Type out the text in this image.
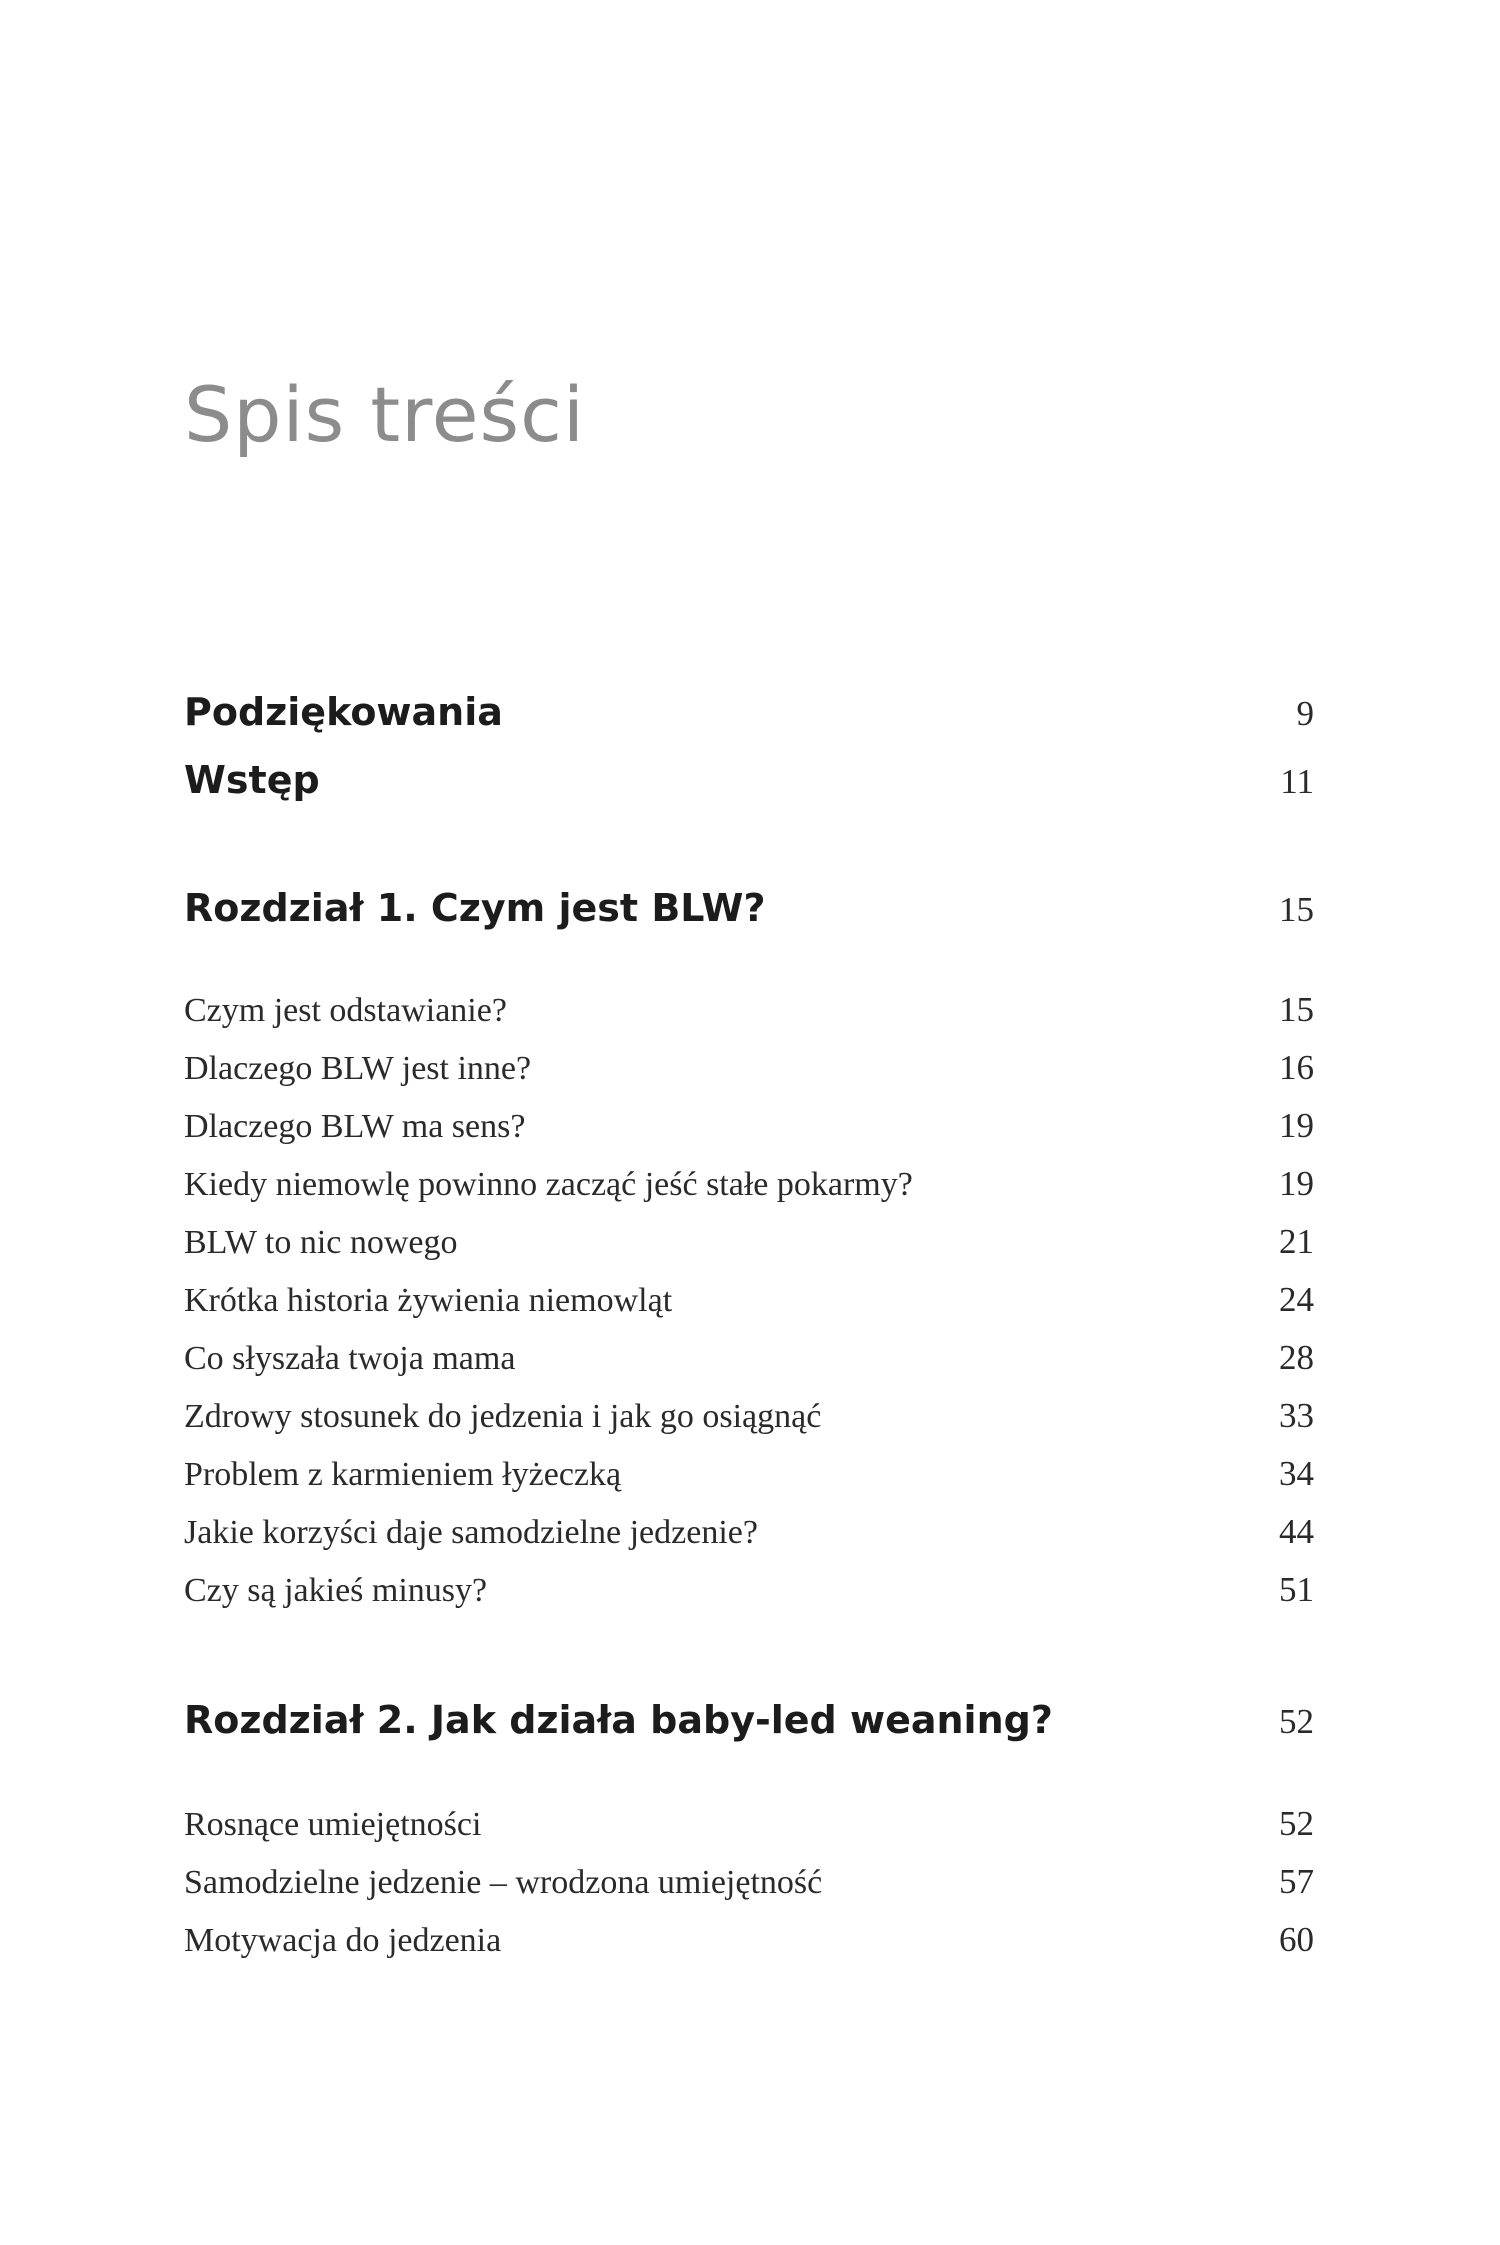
Spis treści
Podziękowania	9
Wstęp	11
Rozdział 1. Czym jest BLW?	15
Czym jest odstawianie?	15
Dlaczego BLW jest inne?	16
Dlaczego BLW ma sens?	19
Kiedy niemowlę powinno zacząć jeść stałe pokarmy?	19
BLW to nic nowego	21
Krótka historia żywienia niemowląt	24
Co słyszała twoja mama	28
Zdrowy stosunek do jedzenia i jak go osiągnąć	33
Problem z karmieniem łyżeczką	34
Jakie korzyści daje samodzielne jedzenie?	44
Czy są jakieś minusy?	51
Rozdział 2. Jak działa baby-led weaning?	52
Rosnące umiejętności	52
Samodzielne jedzenie – wrodzona umiejętność	57
Motywacja do jedzenia	60
